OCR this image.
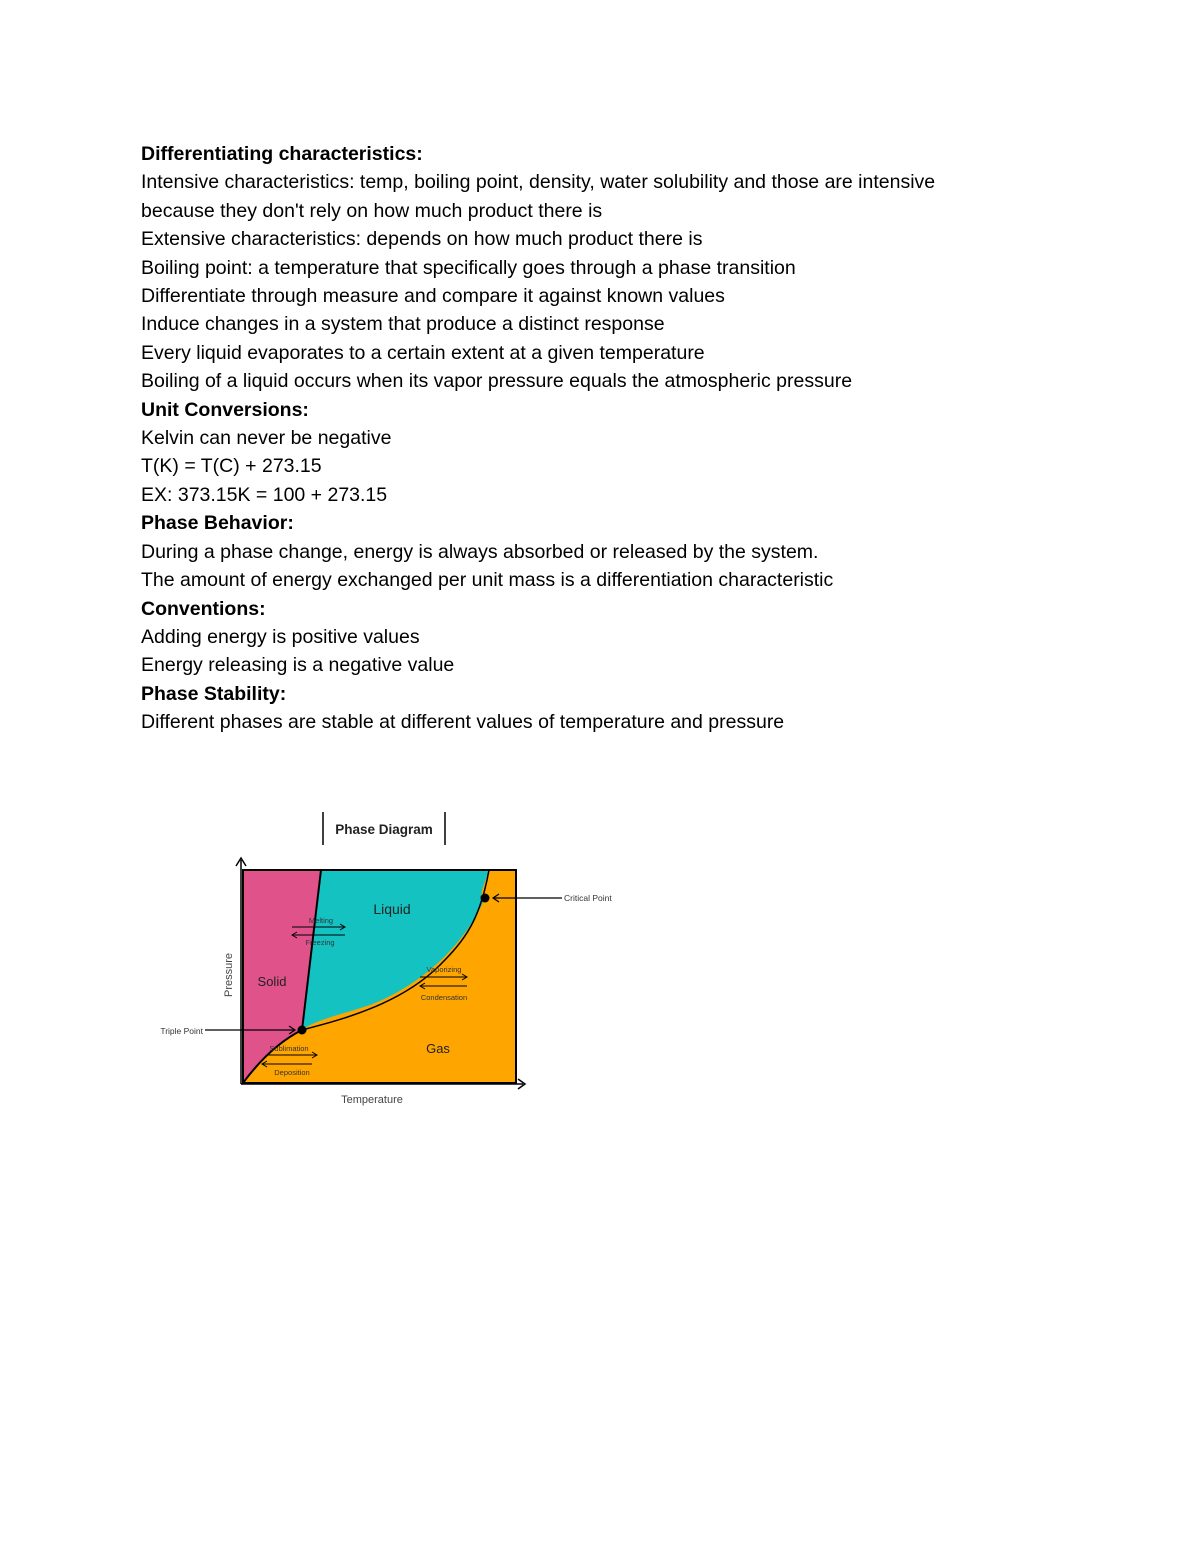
Differentiating characteristics:
Intensive characteristics: temp, boiling point, density, water solubility and those are intensive
because they don't rely on how much product there is
Extensive characteristics: depends on how much product there is
Boiling point: a temperature that specifically goes through a phase transition
Differentiate through measure and compare it against known values
Induce changes in a system that produce a distinct response
Every liquid evaporates to a certain extent at a given temperature
Boiling of a liquid occurs when its vapor pressure equals the atmospheric pressure
Unit Conversions:
Kelvin can never be negative
T(K) = T(C) + 273.15
EX: 373.15K = 100 + 273.15
Phase Behavior:
During a phase change, energy is always absorbed or released by the system.
The amount of energy exchanged per unit mass is a differentiation characteristic
Conventions:
Adding energy is positive values
Energy releasing is a negative value
Phase Stability:
Different phases are stable at different values of temperature and pressure
Phase Diagram
Temperature
Pressure Solid
Liquid
Gas
Melting
Freezing
Vaporizing
Condensation
Sublimation
Deposition
Triple Point
Critical Point
